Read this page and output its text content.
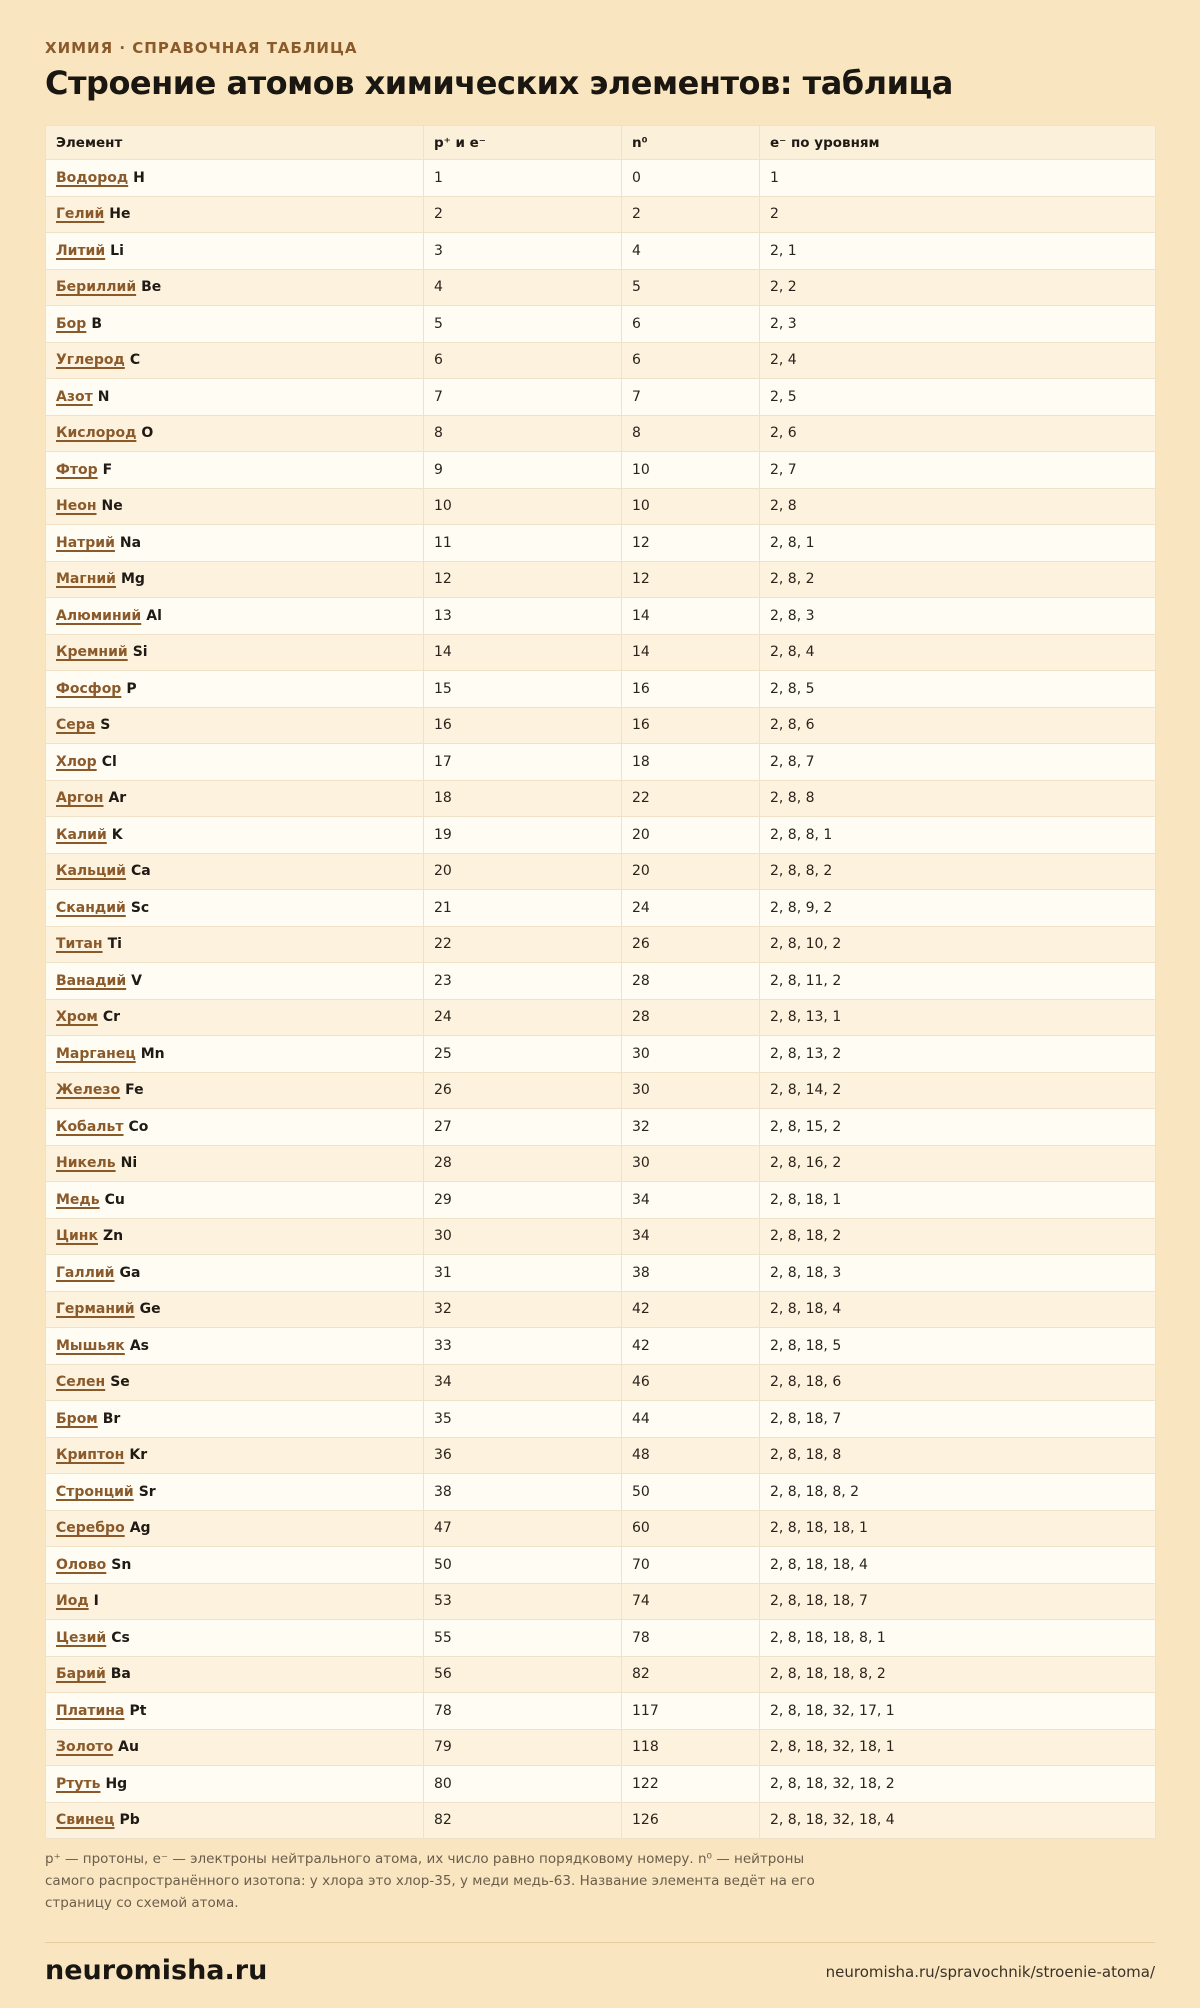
ХИМИЯ · СПРАВОЧНАЯ ТАБЛИЦА
Строение атомов химических элементов: таблица
Элемент	p⁺ и e⁻	n⁰	e⁻ по уровням
Водород H	1	0	1
Гелий He	2	2	2
Литий Li	3	4	2, 1
Бериллий Be	4	5	2, 2
Бор B	5	6	2, 3
Углерод C	6	6	2, 4
Азот N	7	7	2, 5
Кислород O	8	8	2, 6
Фтор F	9	10	2, 7
Неон Ne	10	10	2, 8
Натрий Na	11	12	2, 8, 1
Магний Mg	12	12	2, 8, 2
Алюминий Al	13	14	2, 8, 3
Кремний Si	14	14	2, 8, 4
Фосфор P	15	16	2, 8, 5
Сера S	16	16	2, 8, 6
Хлор Cl	17	18	2, 8, 7
Аргон Ar	18	22	2, 8, 8
Калий K	19	20	2, 8, 8, 1
Кальций Ca	20	20	2, 8, 8, 2
Скандий Sc	21	24	2, 8, 9, 2
Титан Ti	22	26	2, 8, 10, 2
Ванадий V	23	28	2, 8, 11, 2
Хром Cr	24	28	2, 8, 13, 1
Марганец Mn	25	30	2, 8, 13, 2
Железо Fe	26	30	2, 8, 14, 2
Кобальт Co	27	32	2, 8, 15, 2
Никель Ni	28	30	2, 8, 16, 2
Медь Cu	29	34	2, 8, 18, 1
Цинк Zn	30	34	2, 8, 18, 2
Галлий Ga	31	38	2, 8, 18, 3
Германий Ge	32	42	2, 8, 18, 4
Мышьяк As	33	42	2, 8, 18, 5
Селен Se	34	46	2, 8, 18, 6
Бром Br	35	44	2, 8, 18, 7
Криптон Kr	36	48	2, 8, 18, 8
Стронций Sr	38	50	2, 8, 18, 8, 2
Серебро Ag	47	60	2, 8, 18, 18, 1
Олово Sn	50	70	2, 8, 18, 18, 4
Иод I	53	74	2, 8, 18, 18, 7
Цезий Cs	55	78	2, 8, 18, 18, 8, 1
Барий Ba	56	82	2, 8, 18, 18, 8, 2
Платина Pt	78	117	2, 8, 18, 32, 17, 1
Золото Au	79	118	2, 8, 18, 32, 18, 1
Ртуть Hg	80	122	2, 8, 18, 32, 18, 2
Свинец Pb	82	126	2, 8, 18, 32, 18, 4

p⁺ — протоны, e⁻ — электроны нейтрального атома, их число равно порядковому номеру. n⁰ — нейтроны самого распространённого изотопа: у хлора это хлор-35, у меди медь-63. Название элемента ведёт на его страницу со схемой атома.

neuromisha.ru	neuromisha.ru/spravochnik/stroenie-atoma/
